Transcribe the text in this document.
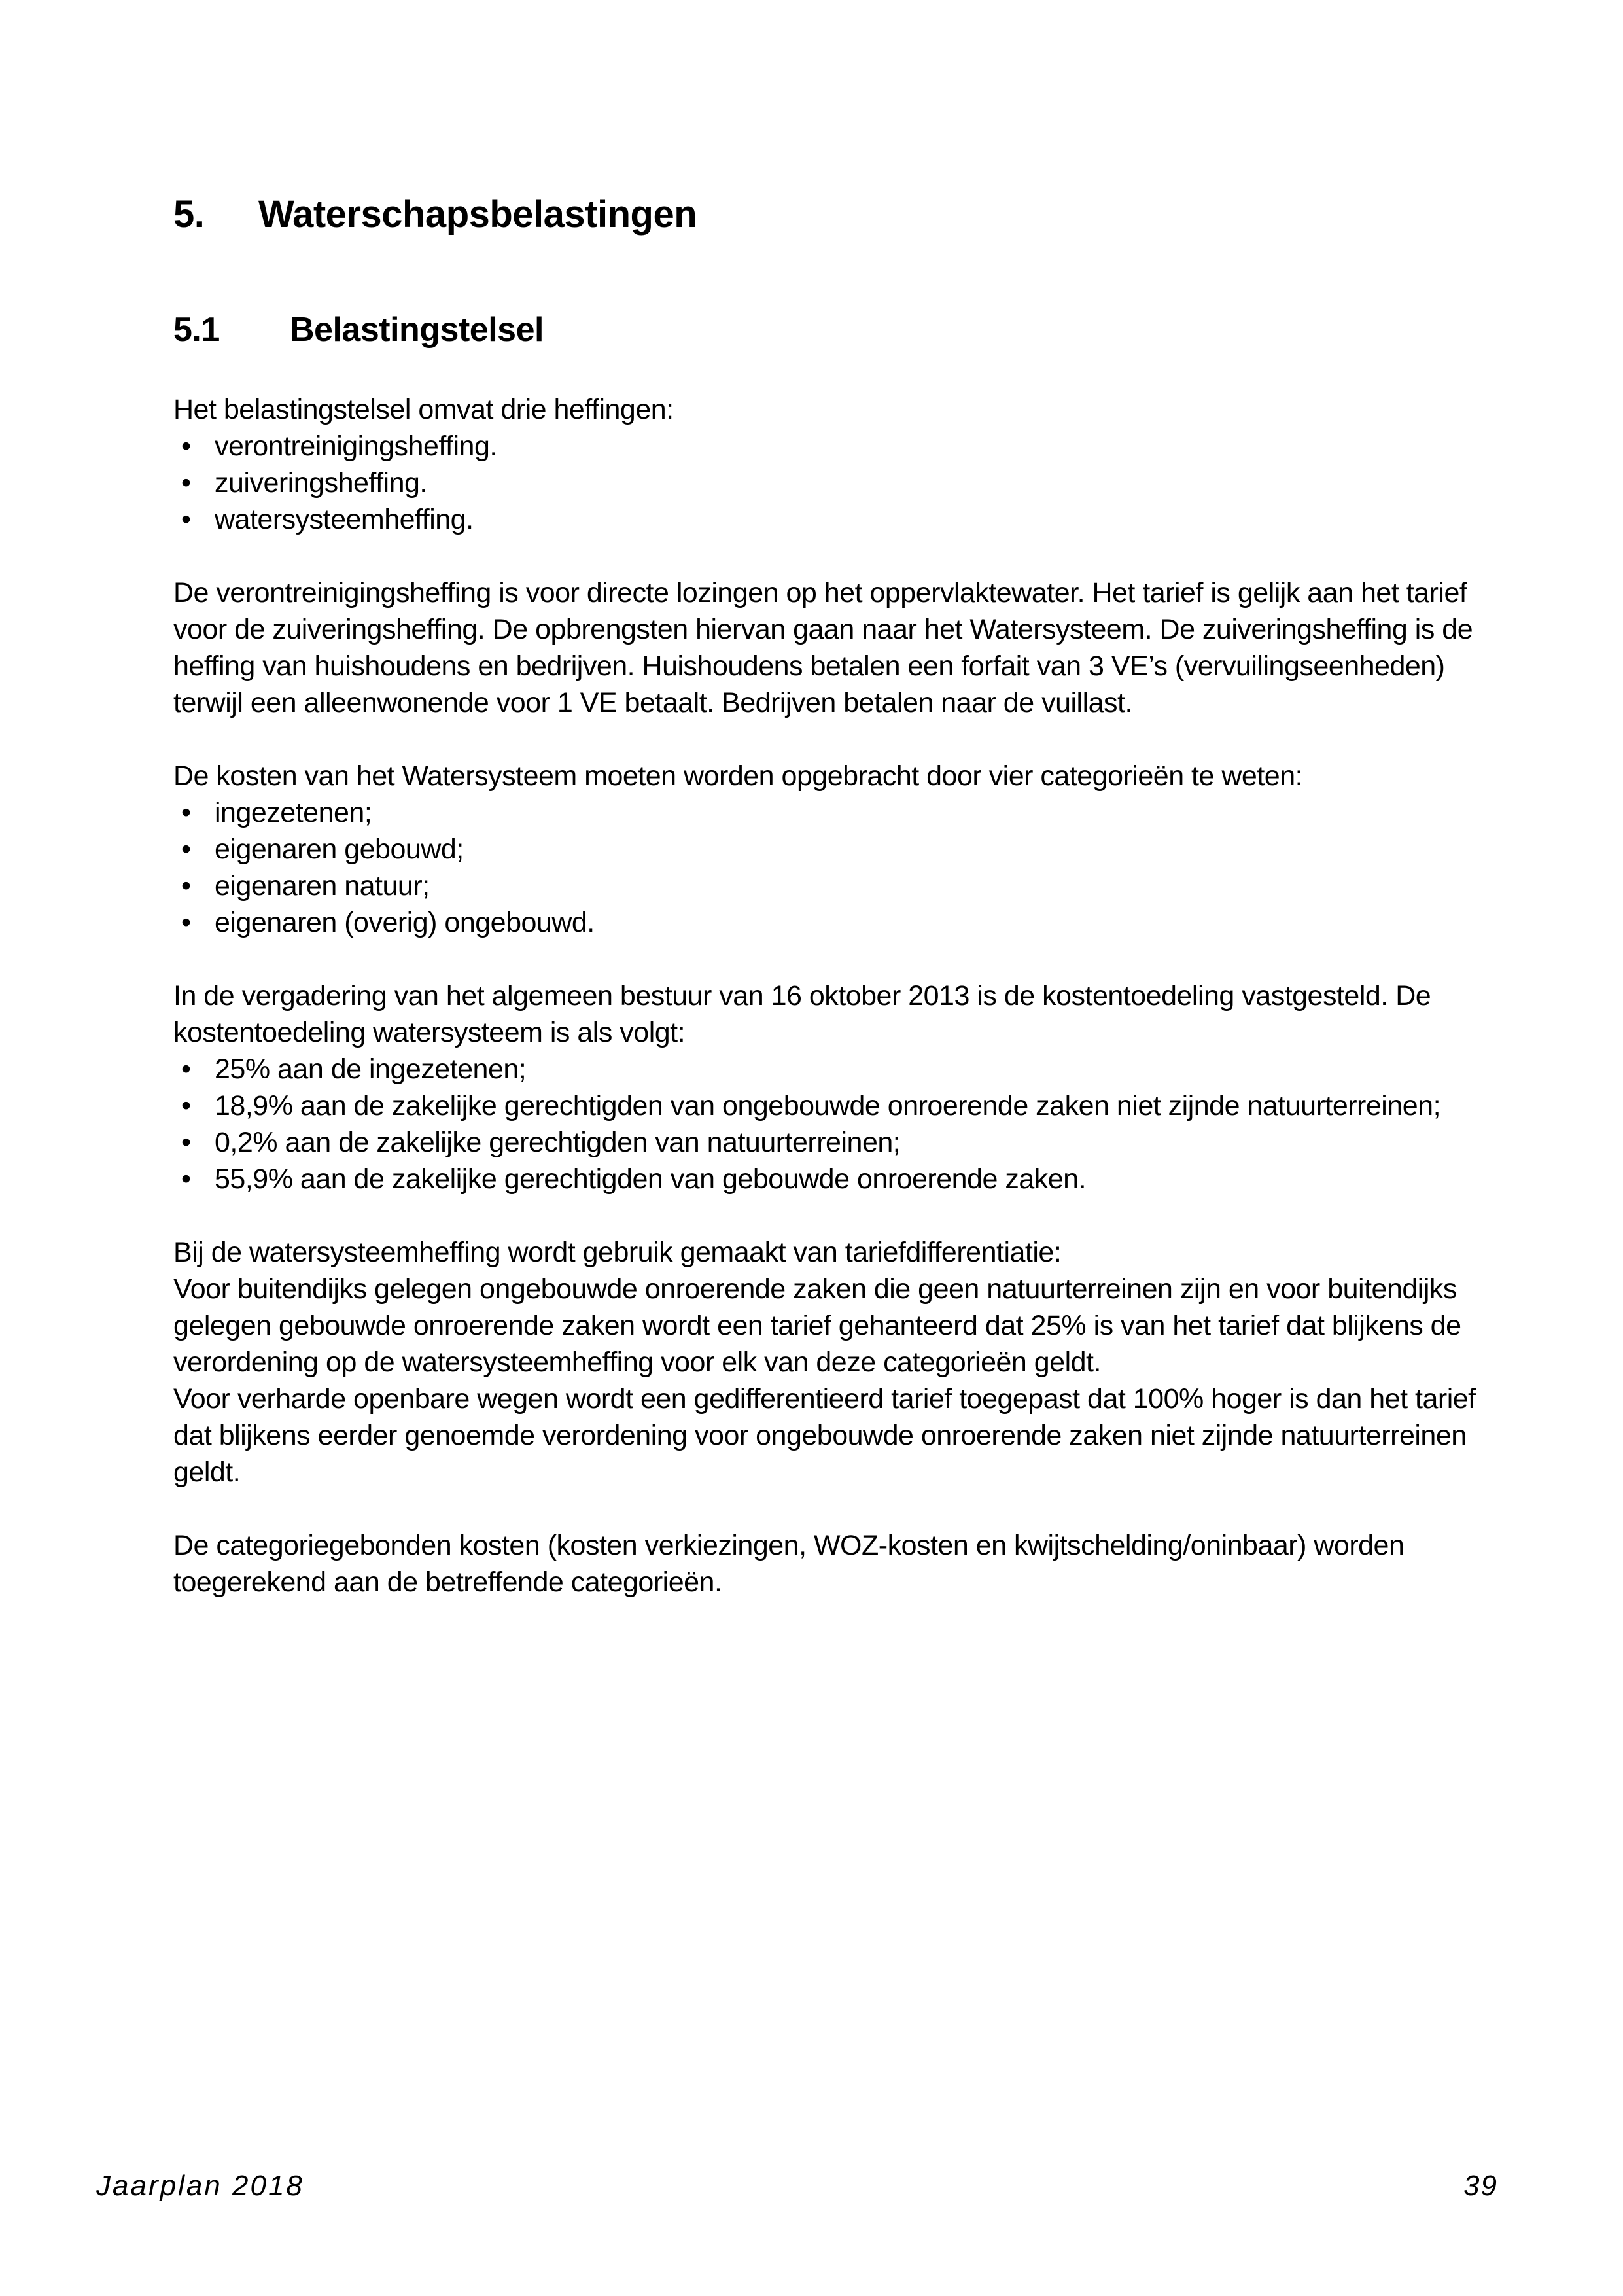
5.	Waterschapsbelastingen
5.1	Belastingstelsel
Het belastingstelsel omvat drie heffingen:
• verontreinigingsheffing.
• zuiveringsheffing.
• watersysteemheffing.
De verontreinigingsheffing is voor directe lozingen op het oppervlaktewater. Het tarief is gelijk aan het tarief voor de zuiveringsheffing. De opbrengsten hiervan gaan naar het Watersysteem. De zuiveringsheffing is de heffing van huishoudens en bedrijven. Huishoudens betalen een forfait van 3 VE’s (vervuilingseenheden) terwijl een alleenwonende voor 1 VE betaalt. Bedrijven betalen naar de vuillast.
De kosten van het Watersysteem moeten worden opgebracht door vier categorieën te weten:
• ingezetenen;
• eigenaren gebouwd;
• eigenaren natuur;
• eigenaren (overig) ongebouwd.
In de vergadering van het algemeen bestuur van 16 oktober 2013 is de kostentoedeling vastgesteld. De kostentoedeling watersysteem is als volgt:
• 25% aan de ingezetenen;
• 18,9% aan de zakelijke gerechtigden van ongebouwde onroerende zaken niet zijnde natuurterreinen;
• 0,2% aan de zakelijke gerechtigden van natuurterreinen;
• 55,9% aan de zakelijke gerechtigden van gebouwde onroerende zaken.
Bij de watersysteemheffing wordt gebruik gemaakt van tariefdifferentiatie:
Voor buitendijks gelegen ongebouwde onroerende zaken die geen natuurterreinen zijn en voor buitendijks gelegen gebouwde onroerende zaken wordt een tarief gehanteerd dat 25% is van het tarief dat blijkens de verordening op de watersysteemheffing voor elk van deze categorieën geldt.
Voor verharde openbare wegen wordt een gedifferentieerd tarief toegepast dat 100% hoger is dan het tarief dat blijkens eerder genoemde verordening voor ongebouwde onroerende zaken niet zijnde natuurterreinen geldt.
De categoriegebonden kosten (kosten verkiezingen, WOZ-kosten en kwijtschelding/oninbaar) worden toegerekend aan de betreffende categorieën.
Jaarplan 2018	39
